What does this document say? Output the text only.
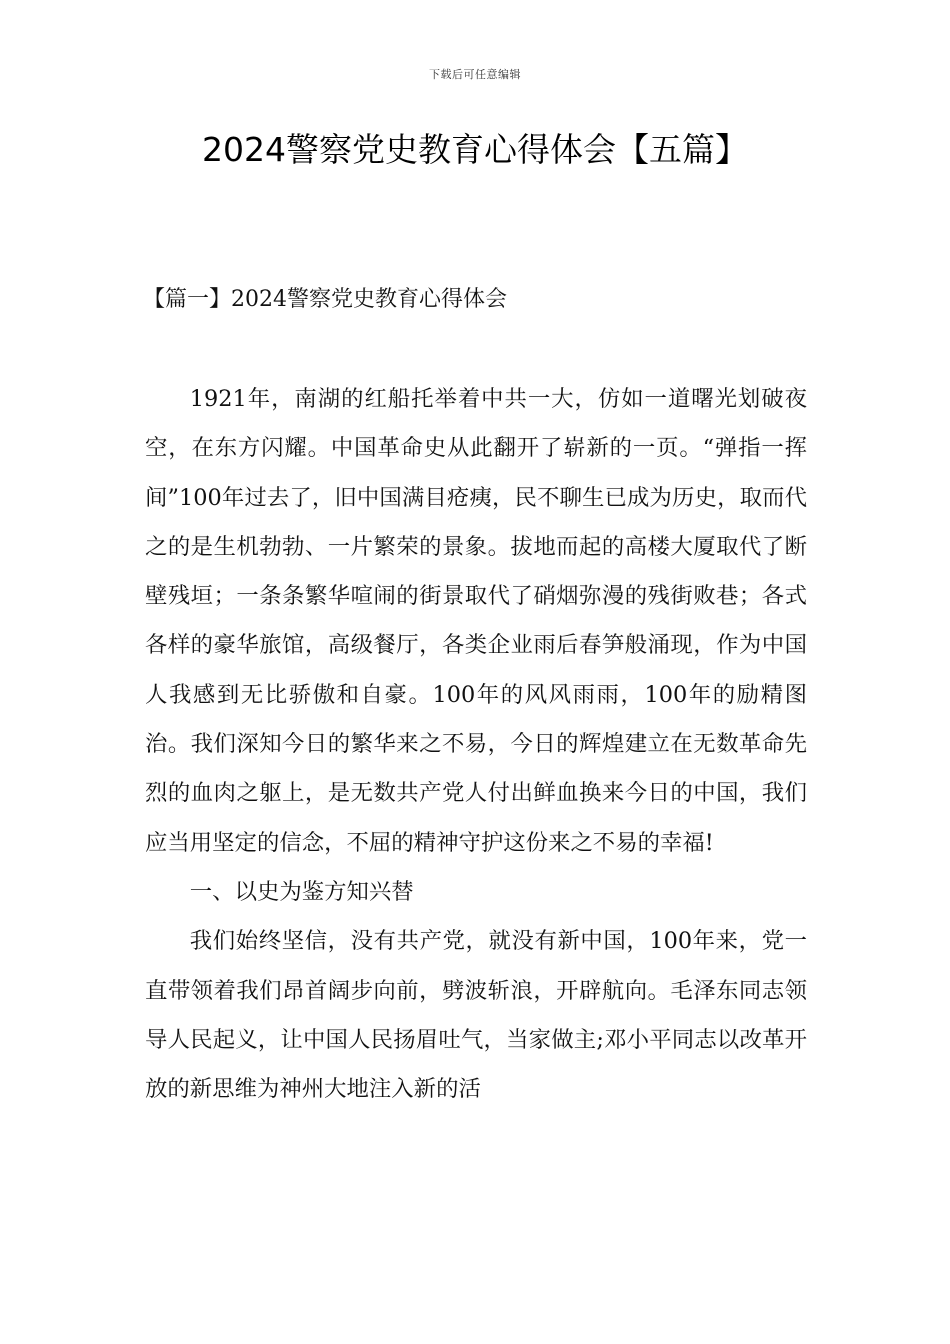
下载后可任意编辑
2024警察党史教育心得体会【五篇】
【篇一】2024警察党史教育心得体会

1921年，南湖的红船托举着中共一大，仿如一道曙光划破夜空，在东方闪耀。中国革命史从此翻开了崭新的一页。“弹指一挥间”100年过去了，旧中国满目疮痍，民不聊生已成为历史，取而代之的是生机勃勃、一片繁荣的景象。拔地而起的高楼大厦取代了断壁残垣；一条条繁华喧闹的街景取代了硝烟弥漫的残街败巷；各式各样的豪华旅馆，高级餐厅，各类企业雨后春笋般涌现，作为中国人我感到无比骄傲和自豪。100年的风风雨雨，100年的励精图治。我们深知今日的繁华来之不易，今日的辉煌建立在无数革命先烈的血肉之躯上，是无数共产党人付出鲜血换来今日的中国，我们应当用坚定的信念，不屈的精神守护这份来之不易的幸福!

一、以史为鉴方知兴替

我们始终坚信，没有共产党，就没有新中国，100年来，党一直带领着我们昂首阔步向前，劈波斩浪，开辟航向。毛泽东同志领导人民起义，让中国人民扬眉吐气，当家做主;邓小平同志以改革开放的新思维为神州大地注入新的活
